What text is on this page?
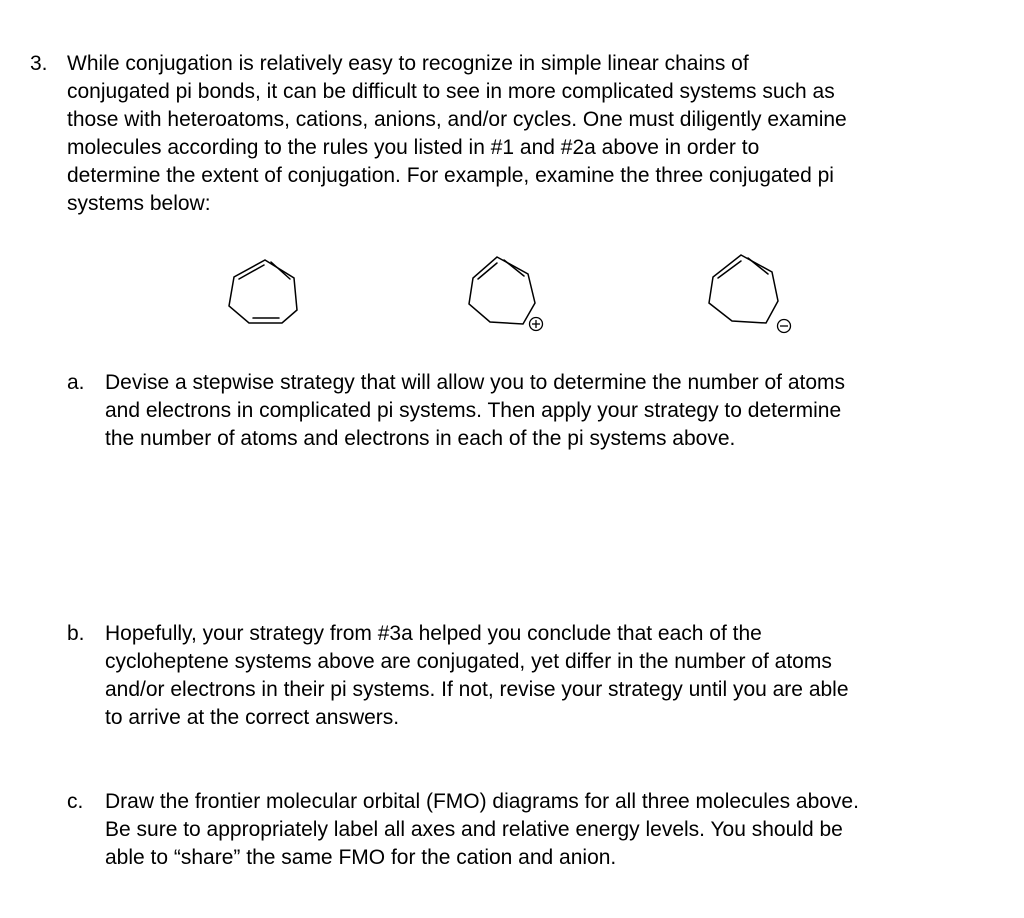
3. While conjugation is relatively easy to recognize in simple linear chains of
conjugated pi bonds, it can be difficult to see in more complicated systems such as
those with heteroatoms, cations, anions, and/or cycles. One must diligently examine
molecules according to the rules you listed in #1 and #2a above in order to
determine the extent of conjugation. For example, examine the three conjugated pi
systems below:

a. Devise a stepwise strategy that will allow you to determine the number of atoms
and electrons in complicated pi systems. Then apply your strategy to determine
the number of atoms and electrons in each of the pi systems above.

b. Hopefully, your strategy from #3a helped you conclude that each of the
cycloheptene systems above are conjugated, yet differ in the number of atoms
and/or electrons in their pi systems. If not, revise your strategy until you are able
to arrive at the correct answers.

c. Draw the frontier molecular orbital (FMO) diagrams for all three molecules above.
Be sure to appropriately label all axes and relative energy levels. You should be
able to “share” the same FMO for the cation and anion.
